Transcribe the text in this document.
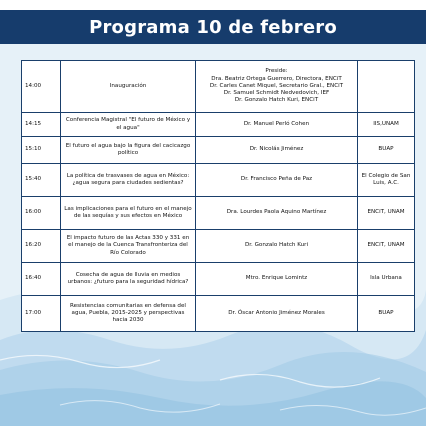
Programa 10 de febrero
14:00	Inauguración	Preside:
Dra. Beatriz Ortega Guerrero, Directora, ENCiT
Dr. Carles Canet Miquel, Secretario Gral., ENCiT
Dr. Samuel Schmidt Nedvedovich, IEF
Dr. Gonzalo Hatch Kuri, ENCiT	

14:15	Conferencia Magistral "El futuro de México y el agua"	Dr. Manuel Perló Cohen	IIS,UNAM
15:10	El futuro el agua bajo la figura del cacicazgo político	Dr. Nicolás Jiménez	BUAP
15:40	La política de trasvases de agua en México: ¿agua segura para ciudades sedientas?	Dr. Francisco Peña de Paz	El Colegio de San Luis, A.C.
16:00	Las implicaciones para el futuro en el manejo de las sequías y sus efectos en México	Dra. Lourdes Paola Aquino Martínez	ENCiT, UNAM
16:20	El impacto futuro de las Actas 330 y 331 en el manejo de la Cuenca Transfronteriza del Río Colorado	Dr. Gonzalo Hatch Kuri	ENCiT, UNAM
16:40	Cosecha de agua de lluvia en medios urbanos: ¿futuro para la seguridad hídrica?	Mtro. Enrique Lomintz	Isla Urbana
17:00	Resistencias comunitarias en defensa del agua, Puebla, 2015-2025 y perspectivas hacia 2030	Dr. Óscar Antonio Jiménez Morales	BUAP
